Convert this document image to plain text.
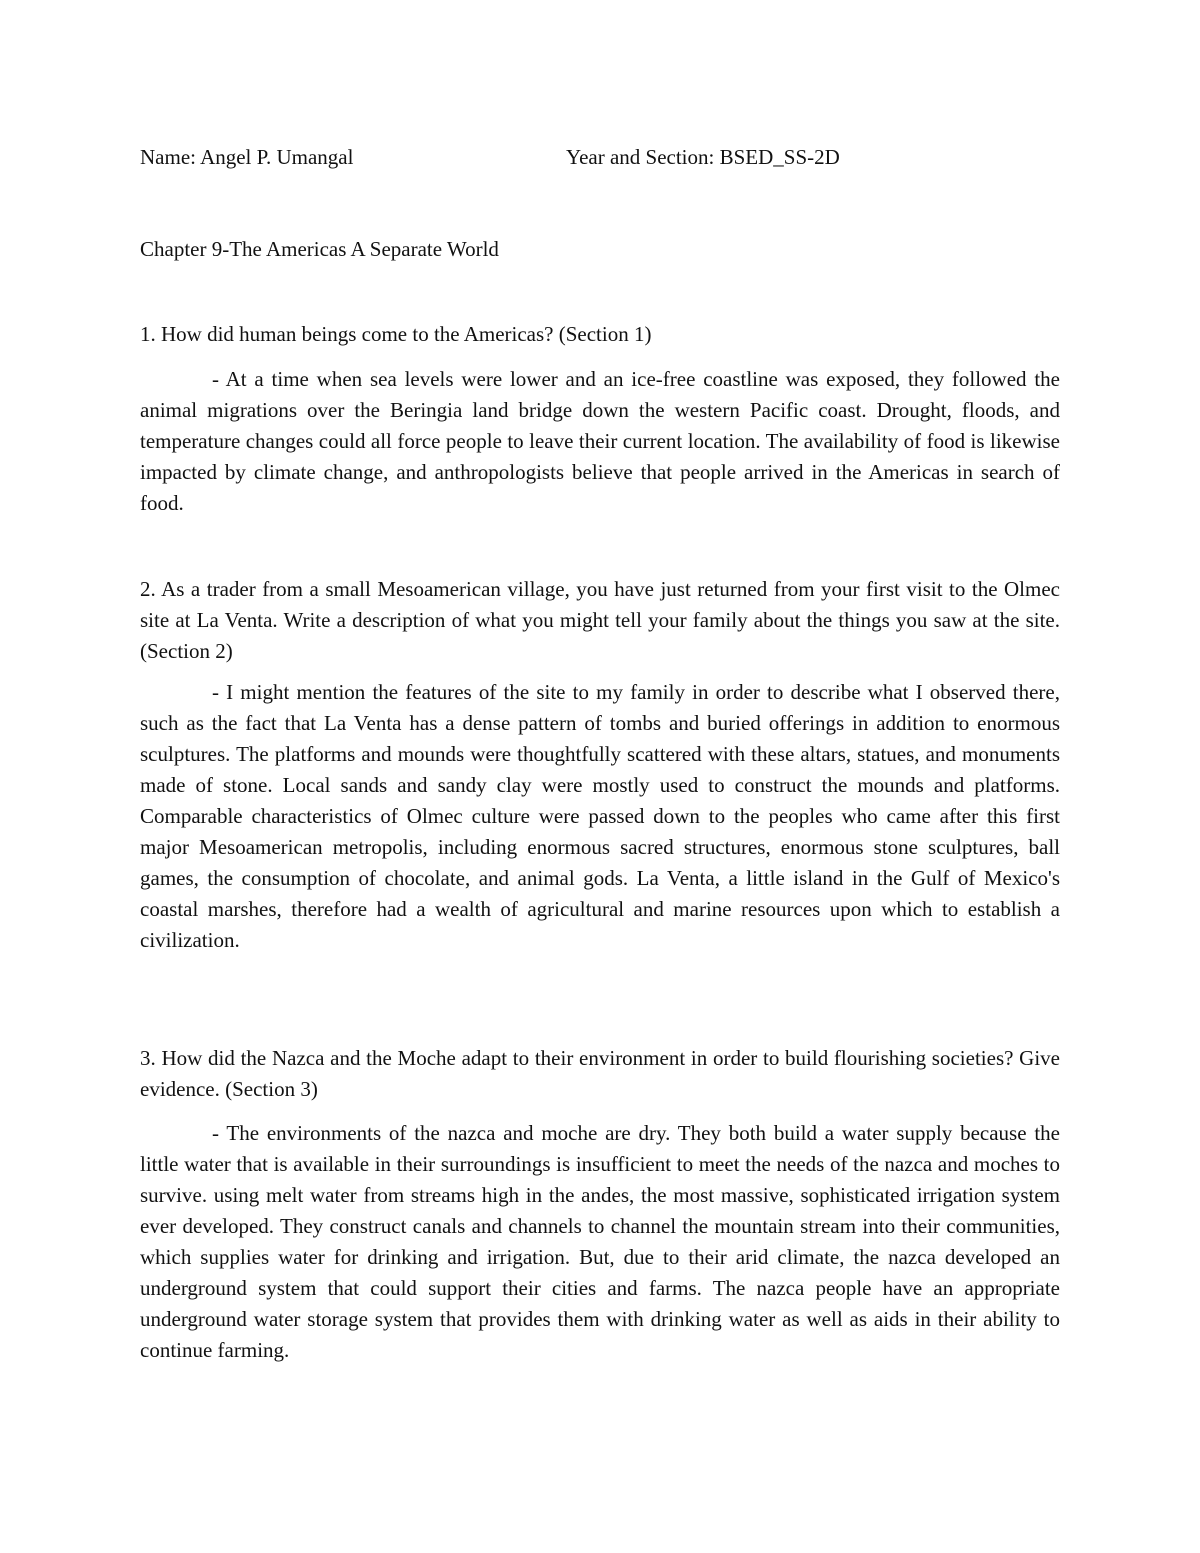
Name: Angel P. Umangal	Year and Section: BSED_SS-2D
Chapter 9-The Americas A Separate World
1. How did human beings come to the Americas? (Section 1)
- At a time when sea levels were lower and an ice-free coastline was exposed, they followed the animal migrations over the Beringia land bridge down the western Pacific coast. Drought, floods, and temperature changes could all force people to leave their current location. The availability of food is likewise impacted by climate change, and anthropologists believe that people arrived in the Americas in search of food.
2. As a trader from a small Mesoamerican village, you have just returned from your first visit to the Olmec site at La Venta. Write a description of what you might tell your family about the things you saw at the site. (Section 2)
- I might mention the features of the site to my family in order to describe what I observed there, such as the fact that La Venta has a dense pattern of tombs and buried offerings in addition to enormous sculptures. The platforms and mounds were thoughtfully scattered with these altars, statues, and monuments made of stone. Local sands and sandy clay were mostly used to construct the mounds and platforms. Comparable characteristics of Olmec culture were passed down to the peoples who came after this first major Mesoamerican metropolis, including enormous sacred structures, enormous stone sculptures, ball games, the consumption of chocolate, and animal gods. La Venta, a little island in the Gulf of Mexico's coastal marshes, therefore had a wealth of agricultural and marine resources upon which to establish a civilization.
3. How did the Nazca and the Moche adapt to their environment in order to build flourishing societies? Give evidence. (Section 3)
- The environments of the nazca and moche are dry. They both build a water supply because the little water that is available in their surroundings is insufficient to meet the needs of the nazca and moches to survive. using melt water from streams high in the andes, the most massive, sophisticated irrigation system ever developed. They construct canals and channels to channel the mountain stream into their communities, which supplies water for drinking and irrigation. But, due to their arid climate, the nazca developed an underground system that could support their cities and farms. The nazca people have an appropriate underground water storage system that provides them with drinking water as well as aids in their ability to continue farming.
